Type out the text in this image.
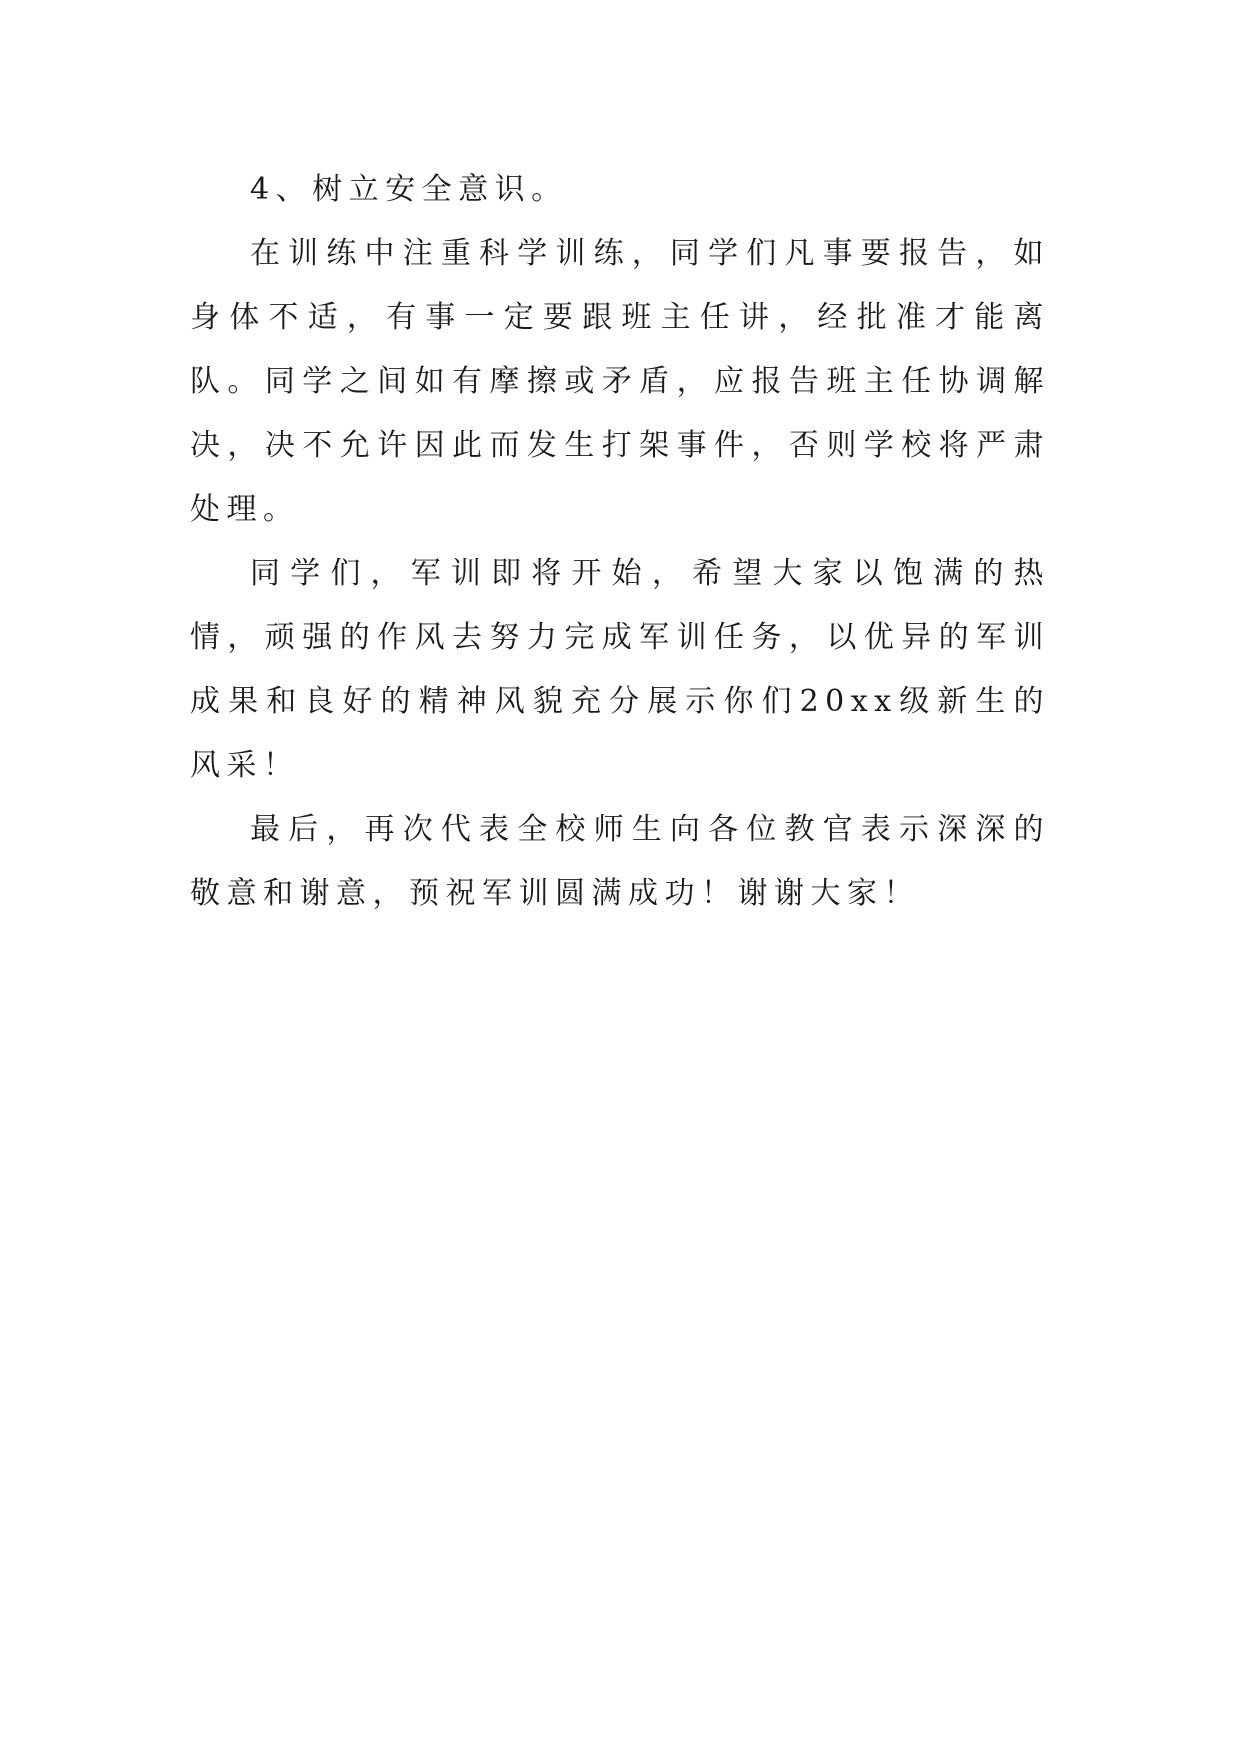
4、树立安全意识。

在训练中注重科学训练，同学们凡事要报告，如身体不适，有事一定要跟班主任讲，经批准才能离队。同学之间如有摩擦或矛盾，应报告班主任协调解决，决不允许因此而发生打架事件，否则学校将严肃处理。

同学们，军训即将开始，希望大家以饱满的热情，顽强的作风去努力完成军训任务，以优异的军训成果和良好的精神风貌充分展示你们20xx级新生的风采！

最后，再次代表全校师生向各位教官表示深深的敬意和谢意，预祝军训圆满成功！谢谢大家！
